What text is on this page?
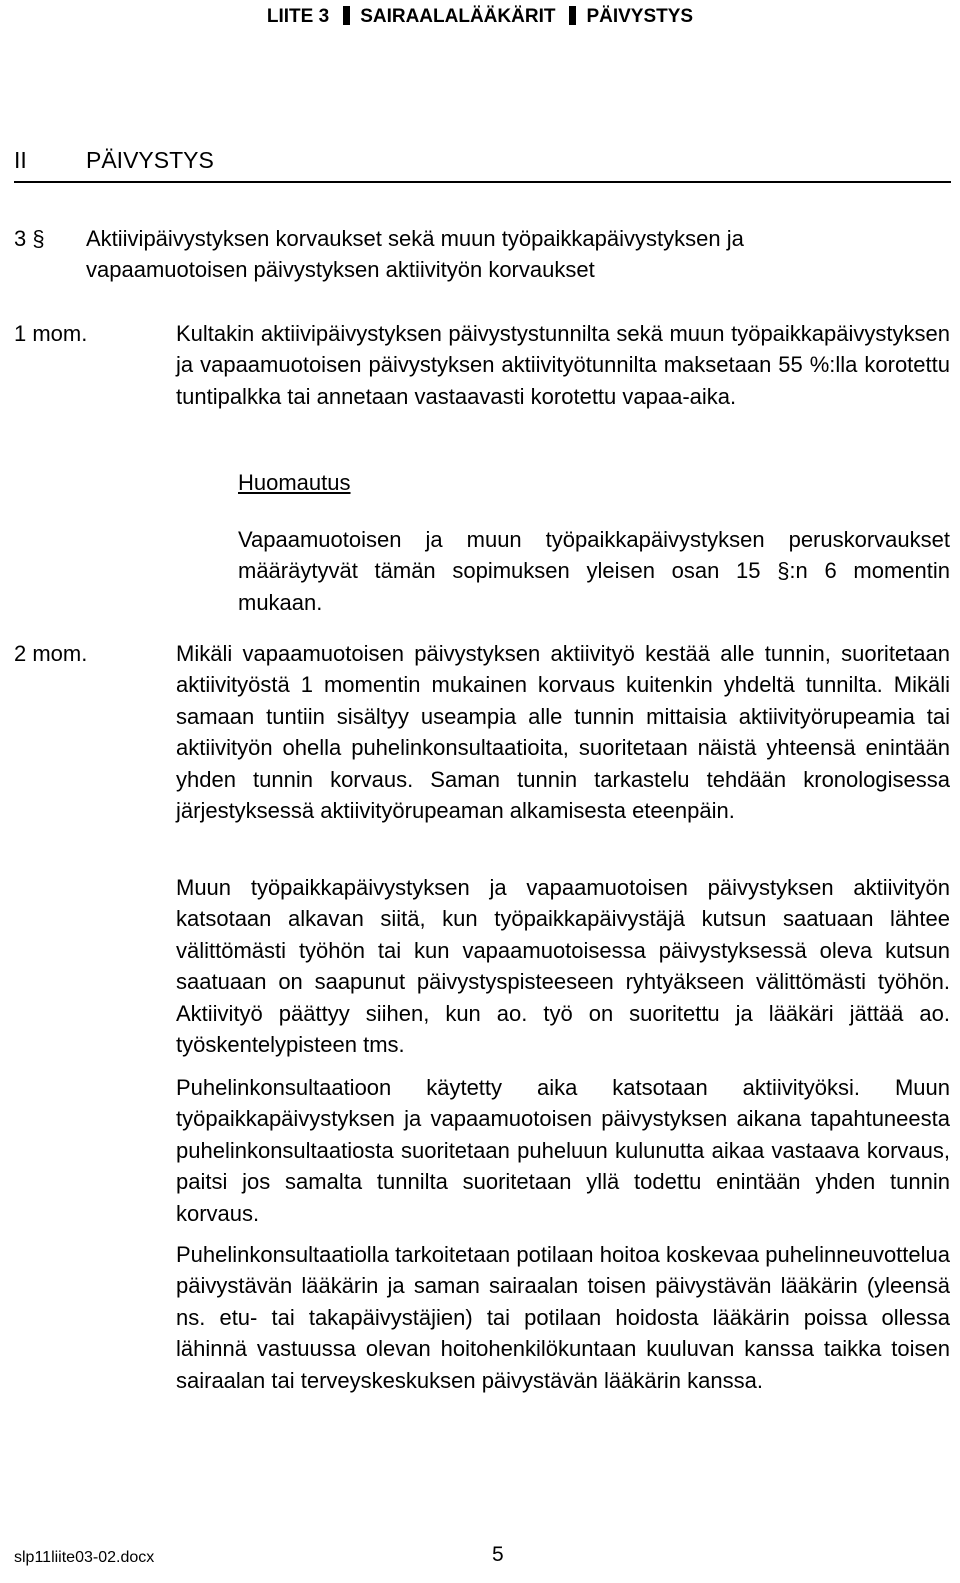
LIITE 3 SAIRAALALÄÄKÄRIT PÄIVYSTYS
II	PÄIVYSTYS
3 § Aktiivipäivystyksen korvaukset sekä muun työpaikkapäivystyksen ja vapaamuotoisen päivystyksen aktiivityön korvaukset
1 mom.	Kultakin aktiivipäivystyksen päivystystunnilta sekä muun työpaikkapäivystyksen ja vapaamuotoisen päivystyksen aktiivityötunnilta maksetaan 55 %:lla korotettu tuntipalkka tai annetaan vastaavasti korotettu vapaa-aika.
Huomautus
Vapaamuotoisen ja muun työpaikkapäivystyksen peruskorvaukset määräytyvät tämän sopimuksen yleisen osan 15 §:n 6 momentin mukaan.
2 mom.	Mikäli vapaamuotoisen päivystyksen aktiivityö kestää alle tunnin, suoritetaan aktiivityöstä 1 momentin mukainen korvaus kuitenkin yhdeltä tunnilta. Mikäli samaan tuntiin sisältyy useampia alle tunnin mittaisia aktiivityörupeamia tai aktiivityön ohella puhelinkonsultaatioita, suoritetaan näistä yhteensä enintään yhden tunnin korvaus. Saman tunnin tarkastelu tehdään kronologisessa järjestyksessä aktiivityörupeaman alkamisesta eteenpäin.
Muun työpaikkapäivystyksen ja vapaamuotoisen päivystyksen aktiivityön katsotaan alkavan siitä, kun työpaikkapäivystäjä kutsun saatuaan lähtee välittömästi työhön tai kun vapaamuotoisessa päivystyksessä oleva kutsun saatuaan on saapunut päivystyspisteeseen ryhtyäkseen välittömästi työhön. Aktiivityö päättyy siihen, kun ao. työ on suoritettu ja lääkäri jättää ao. työskentelypisteen tms.
Puhelinkonsultaatioon käytetty aika katsotaan aktiivityöksi. Muun työpaikkapäivystyksen ja vapaamuotoisen päivystyksen aikana tapahtuneesta puhelinkonsultaatiosta suoritetaan puheluun kulunutta aikaa vastaava korvaus, paitsi jos samalta tunnilta suoritetaan yllä todettu enintään yhden tunnin korvaus.
Puhelinkonsultaatiolla tarkoitetaan potilaan hoitoa koskevaa puhelinneuvottelua päivystävän lääkärin ja saman sairaalan toisen päivystävän lääkärin (yleensä ns. etu- tai takapäivystäjien) tai potilaan hoidosta lääkärin poissa ollessa lähinnä vastuussa olevan hoitohenkilökuntaan kuuluvan kanssa taikka toisen sairaalan tai terveyskeskuksen päivystävän lääkärin kanssa.
slp11liite03-02.docx	5
